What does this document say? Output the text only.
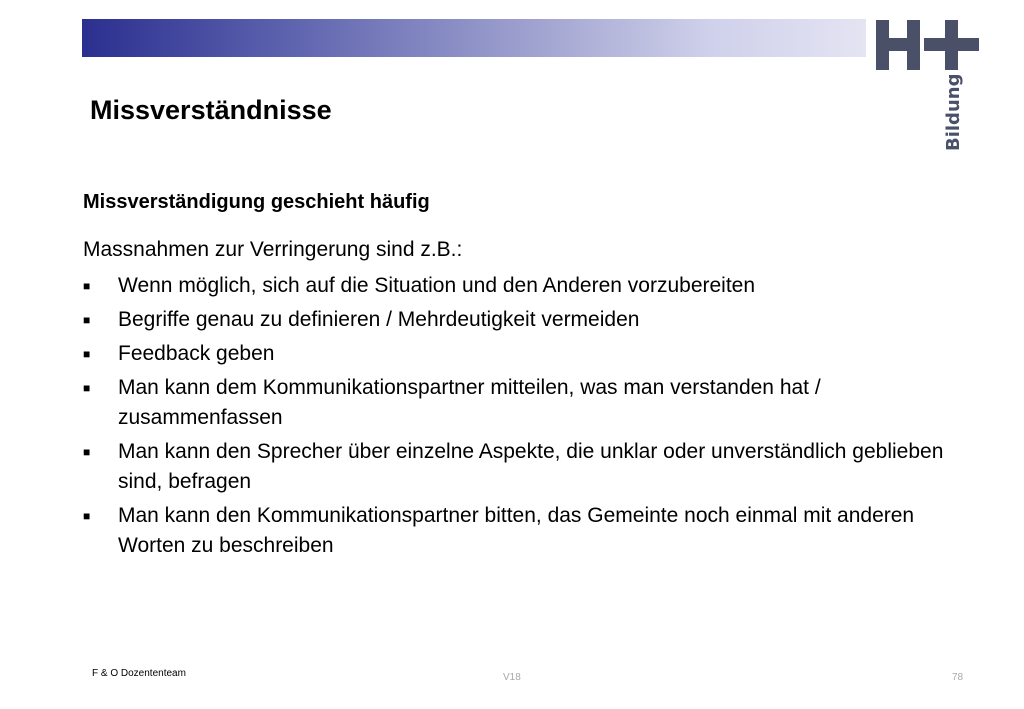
Bildung
Missverständnisse
Missverständigung geschieht häufig

Massnahmen zur Verringerung sind z.B.:

■	Wenn möglich, sich auf die Situation und den Anderen vorzubereiten
■	Begriffe genau zu definieren / Mehrdeutigkeit vermeiden
■	Feedback geben
■	Man kann dem Kommunikationspartner mitteilen, was man verstanden hat / zusammenfassen
■	Man kann den Sprecher über einzelne Aspekte, die unklar oder unverständlich geblieben sind, befragen
■	Man kann den Kommunikationspartner bitten, das Gemeinte noch einmal mit anderen Worten zu beschreiben
F & O Dozententeam	V18	78
